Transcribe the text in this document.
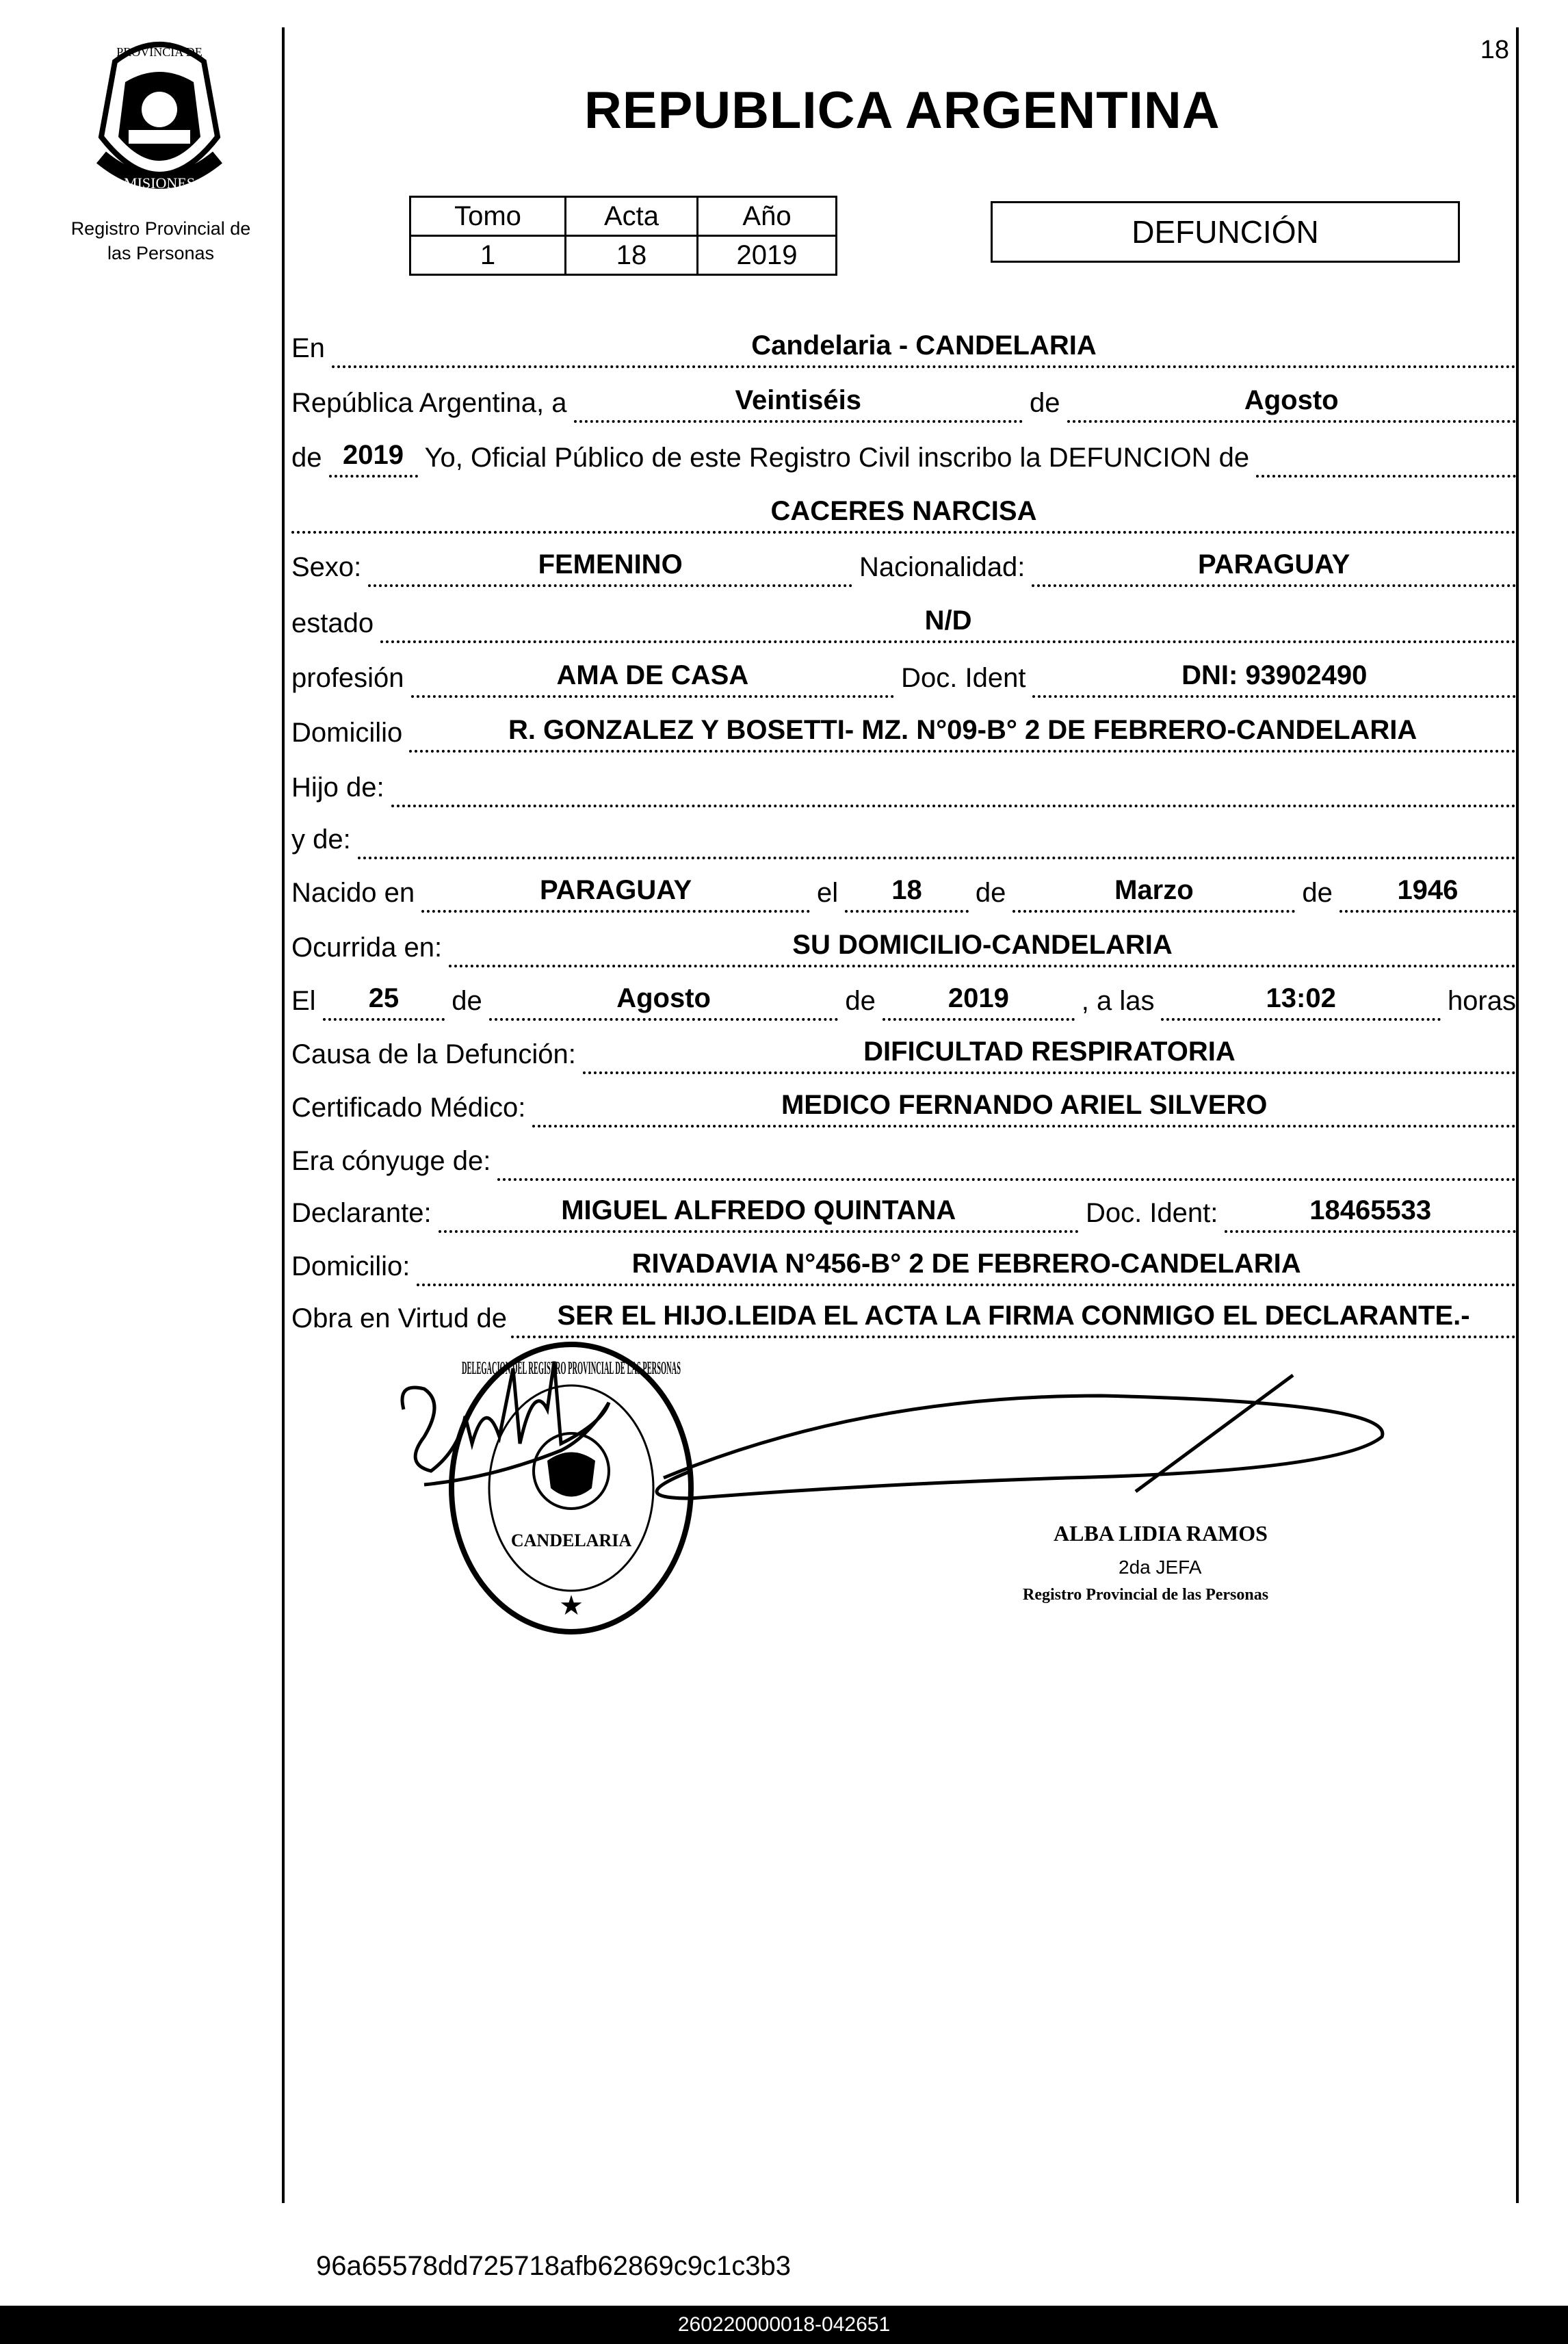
18
PROVINCIA DE
MISIONES
Registro Provincial de
las Personas
REPUBLICA ARGENTINA
Tomo	Acta	Año
1	18	2019
DEFUNCIÓN
En	Candelaria - CANDELARIA
República Argentina, a	Veintiséis	de	Agosto
de 2019 Yo, Oficial Público de este Registro Civil inscribo la DEFUNCION de
CACERES NARCISA
Sexo:	FEMENINO	Nacionalidad:	PARAGUAY
estado	N/D
profesión	AMA DE CASA	Doc. Ident	DNI: 93902490
Domicilio	R. GONZALEZ Y BOSETTI- MZ. N°09-B° 2 DE FEBRERO-CANDELARIA
Hijo de:
y de:
Nacido en	PARAGUAY	el	18	de	Marzo	de	1946
Ocurrida en:	SU DOMICILIO-CANDELARIA
El	25	de	Agosto	de	2019	, a las	13:02	horas
Causa de la Defunción:	DIFICULTAD RESPIRATORIA
Certificado Médico:	MEDICO FERNANDO ARIEL SILVERO
Era cónyuge de:
Declarante:	MIGUEL ALFREDO QUINTANA	Doc. Ident:	18465533
Domicilio:	RIVADAVIA N°456-B° 2 DE FEBRERO-CANDELARIA
Obra en Virtud de	SER EL HIJO.LEIDA EL ACTA LA FIRMA CONMIGO EL DECLARANTE.-
DELEGACION DEL REGISTRO PROVINCIAL DE LAS PERSONAS
CANDELARIA
★
ALBA LIDIA RAMOS
2da JEFA
Registro Provincial de las Personas
96a65578dd725718afb62869c9c1c3b3
260220000018-042651
